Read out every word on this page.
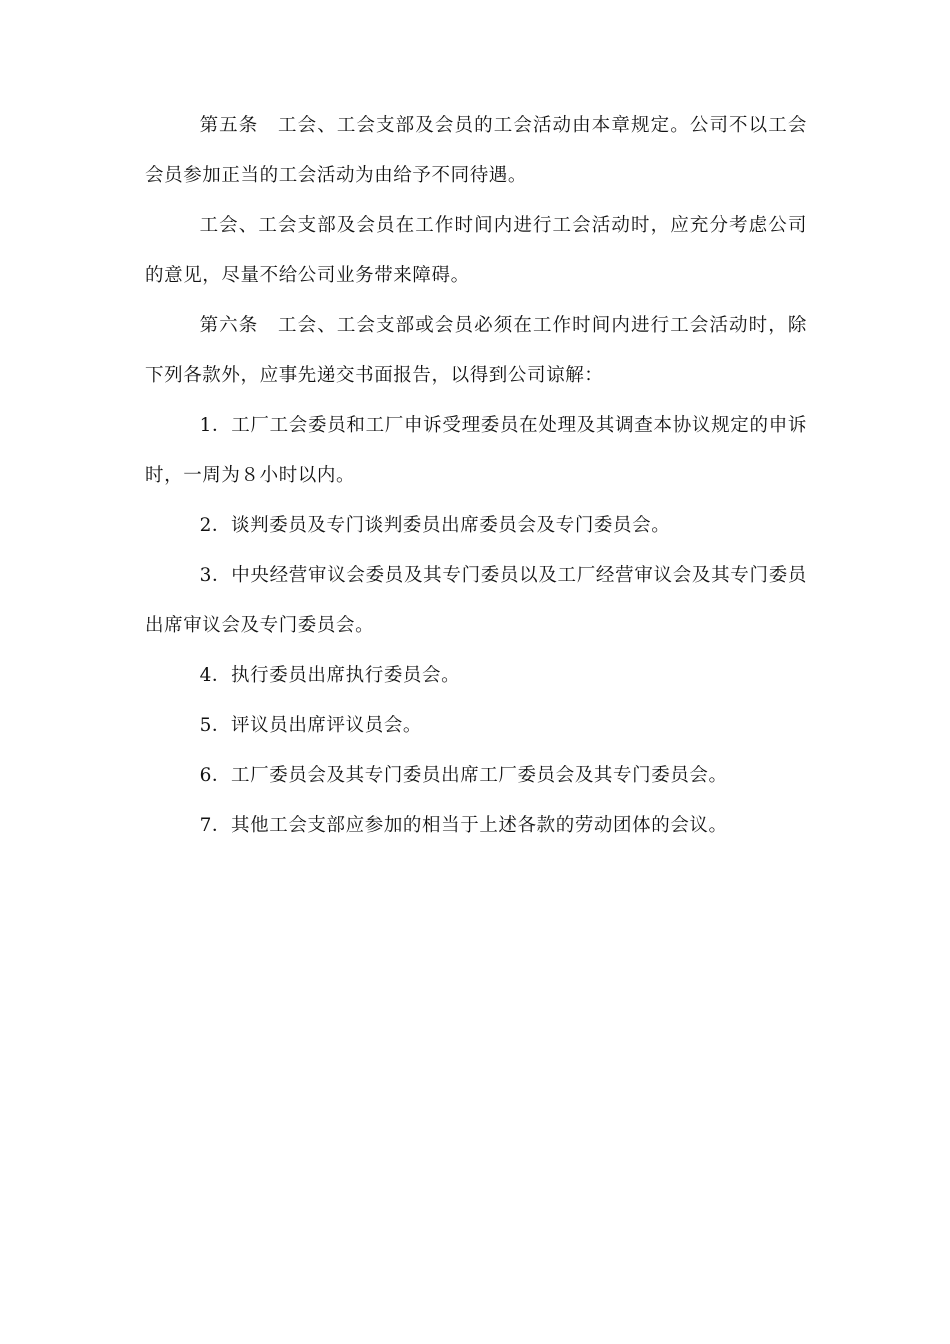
第五条　工会、工会支部及会员的工会活动由本章规定。公司不以工会会员参加正当的工会活动为由给予不同待遇。

工会、工会支部及会员在工作时间内进行工会活动时，应充分考虑公司的意见，尽量不给公司业务带来障碍。

第六条　工会、工会支部或会员必须在工作时间内进行工会活动时，除下列各款外，应事先递交书面报告，以得到公司谅解：

1．工厂工会委员和工厂申诉受理委员在处理及其调查本协议规定的申诉时，一周为８小时以内。

2．谈判委员及专门谈判委员出席委员会及专门委员会。

3．中央经营审议会委员及其专门委员以及工厂经营审议会及其专门委员出席审议会及专门委员会。

4．执行委员出席执行委员会。

5．评议员出席评议员会。

6．工厂委员会及其专门委员出席工厂委员会及其专门委员会。

7．其他工会支部应参加的相当于上述各款的劳动团体的会议。
